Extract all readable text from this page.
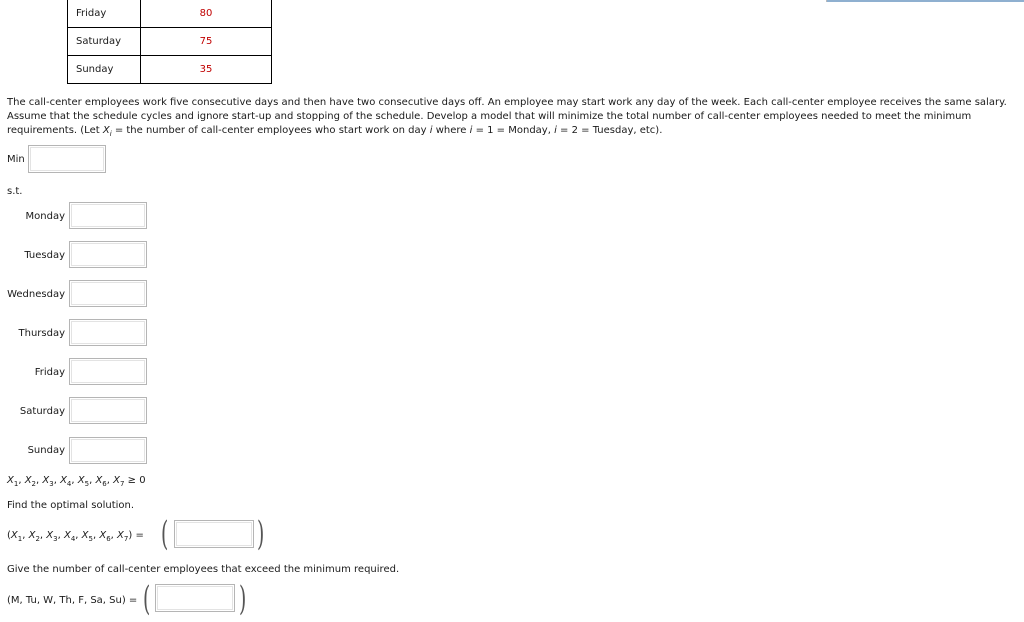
Friday	80
Saturday	75
Sunday	35
The call-center employees work five consecutive days and then have two consecutive days off. An employee may start work any day of the week. Each call-center employee receives the same salary. Assume that the schedule cycles and ignore start-up and stopping of the schedule. Develop a model that will minimize the total number of call-center employees needed to meet the minimum requirements. (Let $X_i$ = the number of call-center employees who start work on day i where i = 1 = Monday, i = 2 = Tuesday, etc).
Min
s.t.
Monday
Tuesday
Wednesday
Thursday
Friday
Saturday
Sunday
$X_1$, $X_2$, $X_3$, $X_4$, $X_5$, $X_6$, $X_7 \ge 0$
Find the optimal solution.
($X_1$, $X_2$, $X_3$, $X_4$, $X_5$, $X_6$, $X_7$) = (	)
Give the number of call-center employees that exceed the minimum required.
(M, Tu, W, Th, F, Sa, Su) = (	)
